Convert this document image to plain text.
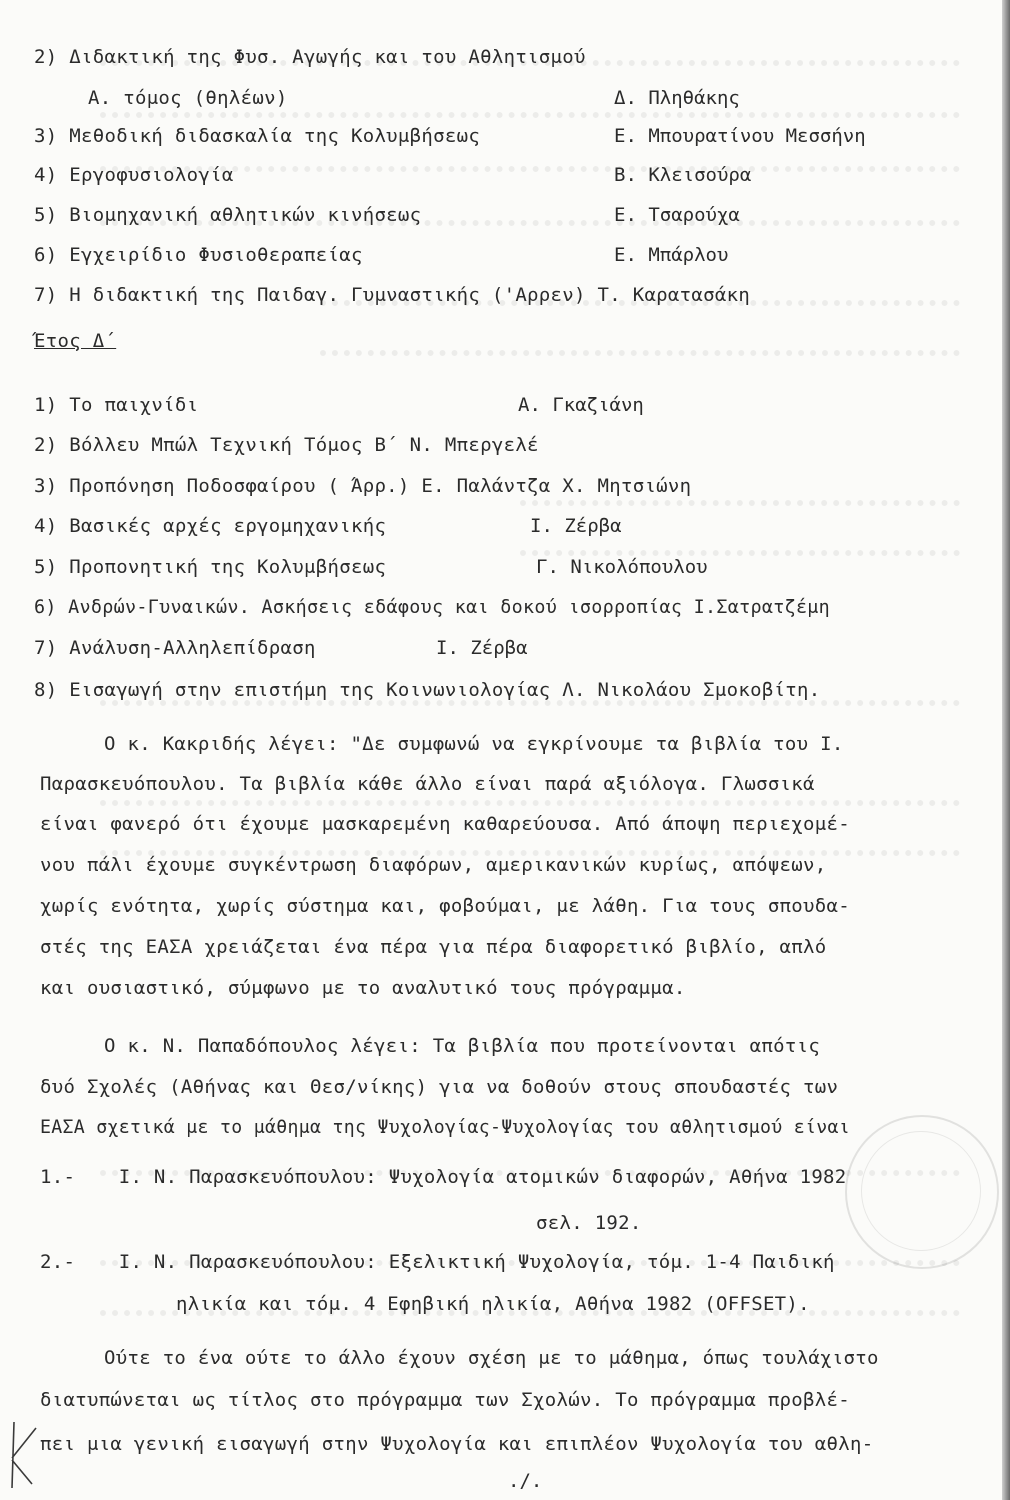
2) Διδακτική της Φυσ. Αγωγής και του Αθλητισμού
Α. τόμος (θηλέων)	Δ. Πληθάκης
3) Μεθοδική διδασκαλία της Κολυμβήσεως	Ε. Μπουρατίνου Μεσσήνη
4) Εργοφυσιολογία	Β. Κλεισούρα
5) Βιομηχανική αθλητικών κινήσεως	Ε. Τσαρούχα
6) Εγχειρίδιο Φυσιοθεραπείας	Ε. Μπάρλου
7) Η διδακτική της Παιδαγ. Γυμναστικής ('Αρρεν) Τ. Καρατασάκη
Έτος Δ΄
1) Το παιχνίδι	Α. Γκαζιάνη
2) Βόλλευ Μπώλ Τεχνική Τόμος Β΄ Ν. Μπεργελέ
3) Προπόνηση Ποδοσφαίρου ( Άρρ.) Ε. Παλάντζα Χ. Μητσιώνη
4) Βασικές αρχές εργομηχανικής	Ι. Ζέρβα
5) Προπονητική της Κολυμβήσεως	Γ. Νικολόπουλου
6) Ανδρών-Γυναικών. Ασκήσεις εδάφους και δοκού ισορροπίας Ι.Σατρατζέμη
7) Ανάλυση-Αλληλεπίδραση	Ι. Ζέρβα
8) Εισαγωγή στην επιστήμη της Κοινωνιολογίας Λ. Νικολάου Σμοκοβίτη.
Ο κ. Κακριδής λέγει: "Δε συμφωνώ να εγκρίνουμε τα βιβλία του Ι.
Παρασκευόπουλου. Τα βιβλία κάθε άλλο είναι παρά αξιόλογα. Γλωσσικά
είναι φανερό ότι έχουμε μασκαρεμένη καθαρεύουσα. Από άποψη περιεχομέ-
νου πάλι έχουμε συγκέντρωση διαφόρων, αμερικανικών κυρίως, απόψεων,
χωρίς ενότητα, χωρίς σύστημα και, φοβούμαι, με λάθη. Για τους σπουδα-
στές της ΕΑΣΑ χρειάζεται ένα πέρα για πέρα διαφορετικό βιβλίο, απλό
και ουσιαστικό, σύμφωνο με το αναλυτικό τους πρόγραμμα.
Ο κ. Ν. Παπαδόπουλος λέγει: Τα βιβλία που προτείνονται απότις
δυό Σχολές (Αθήνας και Θεσ/νίκης) για να δοθούν στους σπουδαστές των
ΕΑΣΑ σχετικά με το μάθημα της Ψυχολογίας-Ψυχολογίας του αθλητισμού είναι
1.- Ι. Ν. Παρασκευόπουλου: Ψυχολογία ατομικών διαφορών, Αθήνα 1982
σελ. 192.
2.- Ι. Ν. Παρασκευόπουλου: Εξελικτική Ψυχολογία, τόμ. 1-4 Παιδική
ηλικία και τόμ. 4 Εφηβική ηλικία, Αθήνα 1982 (OFFSET).
Ούτε το ένα ούτε το άλλο έχουν σχέση με το μάθημα, όπως τουλάχιστο
διατυπώνεται ως τίτλος στο πρόγραμμα των Σχολών. Το πρόγραμμα προβλέ-
πει μια γενική εισαγωγή στην Ψυχολογία και επιπλέον Ψυχολογία του αθλη-
./.
